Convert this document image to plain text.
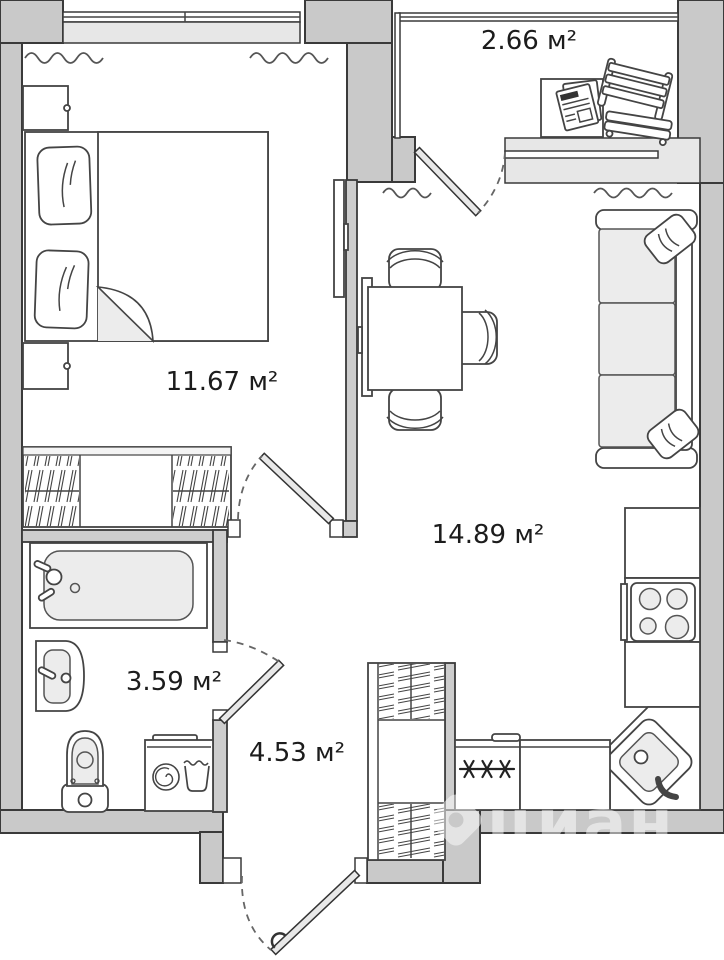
11.67 м²
2.66 м²
14.89 м²
3.59 м²
4.53 м²
циан
